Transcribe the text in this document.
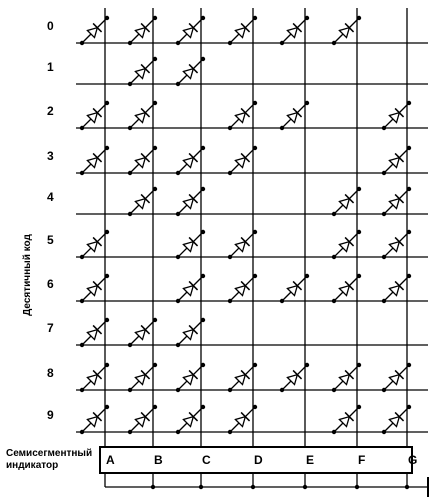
0
1
2
3
4
5
6
7
8
9
Десятичный код
A	B	C	D	E	F	G
Семисегментный
индикатор
